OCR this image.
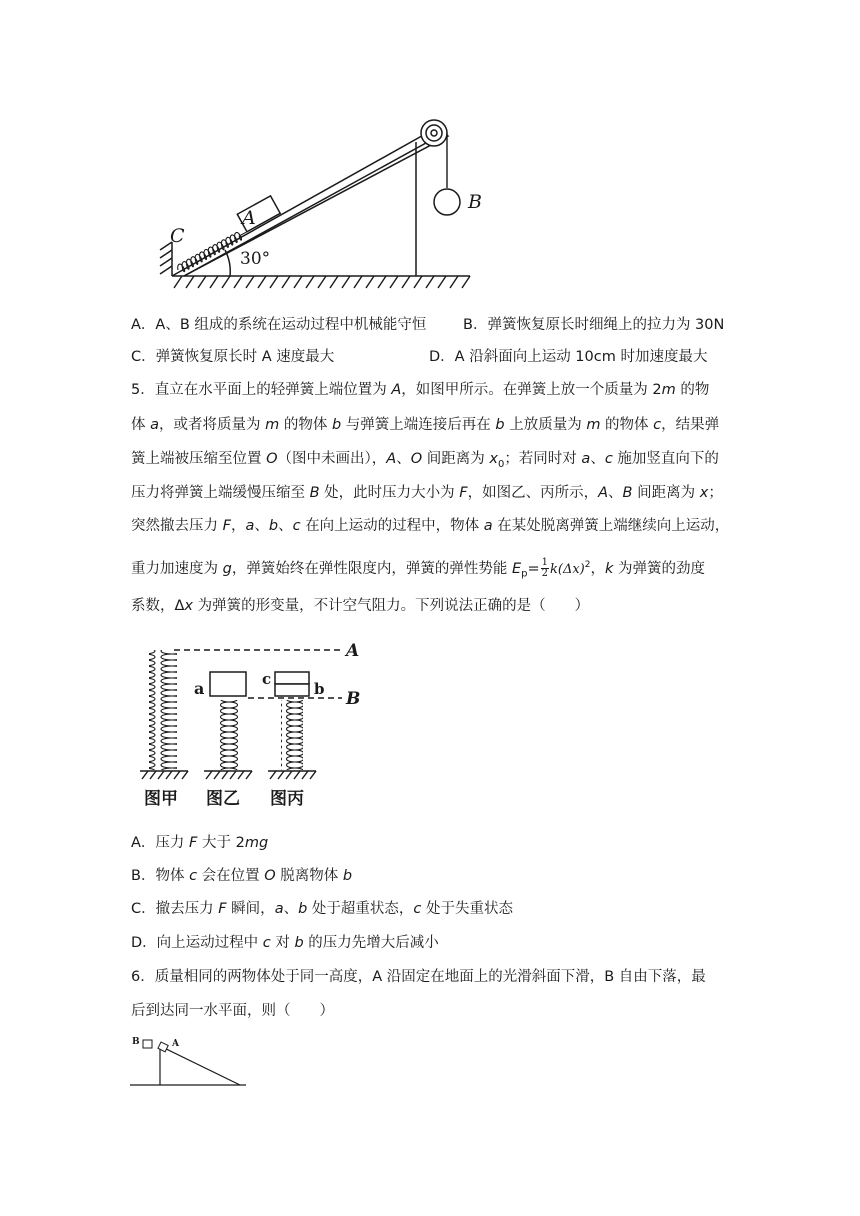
A
B
C
30°
A．A、B 组成的系统在运动过程中机械能守恒	B．弹簧恢复原长时细绳上的拉力为 30N
C．弹簧恢复原长时 A 速度最大	D．A 沿斜面向上运动 10cm 时加速度最大
5．直立在水平面上的轻弹簧上端位置为 A，如图甲所示。在弹簧上放一个质量为 2m 的物
体 a，或者将质量为 m 的物体 b 与弹簧上端连接后再在 b 上放质量为 m 的物体 c，结果弹
簧上端被压缩至位置 O（图中未画出），A、O 间距离为 $x_0$；若同时对 a、c 施加竖直向下的
压力将弹簧上端缓慢压缩至 B 处，此时压力大小为 F，如图乙、丙所示，A、B 间距离为 x；
突然撤去压力 F，a、b、c 在向上运动的过程中，物体 a 在某处脱离弹簧上端继续向上运动，
重力加速度为 g，弹簧始终在弹性限度内，弹簧的弹性势能 $E_p= \frac{1}{2} k(\Delta x)^2$，k 为弹簧的劲度
系数，Δx 为弹簧的形变量，不计空气阻力。下列说法正确的是（　　）
A
B
a	c
b
图甲 图乙 图丙
A．压力 F 大于 2mg
B．物体 c 会在位置 O 脱离物体 b
C．撤去压力 F 瞬间，a、b 处于超重状态，c 处于失重状态
D．向上运动过程中 c 对 b 的压力先增大后减小
6．质量相同的两物体处于同一高度，A 沿固定在地面上的光滑斜面下滑，B 自由下落，最
后到达同一水平面，则（　　）
B	A
